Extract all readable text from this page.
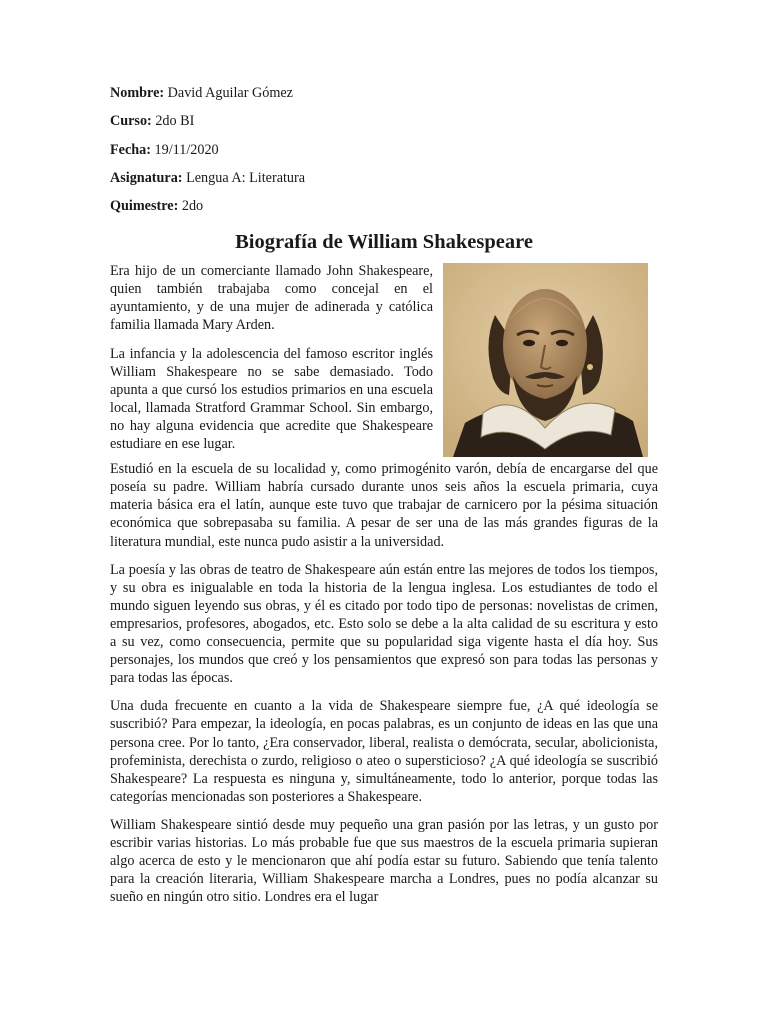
Nombre: David Aguilar Gómez
Curso: 2do BI
Fecha: 19/11/2020
Asignatura: Lengua A: Literatura
Quimestre: 2do
Biografía de William Shakespeare

Era hijo de un comerciante llamado John Shakespeare, quien también trabajaba como concejal en el ayuntamiento, y de una mujer de adinerada y católica familia llamada Mary Arden.

La infancia y la adolescencia del famoso escritor inglés William Shakespeare no se sabe demasiado. Todo apunta a que cursó los estudios primarios en una escuela local, llamada Stratford Grammar School. Sin embargo, no hay alguna evidencia que acredite que Shakespeare estudiare en ese lugar.

Estudió en la escuela de su localidad y, como primogénito varón, debía de encargarse del que poseía su padre. William habría cursado durante unos seis años la escuela primaria, cuya materia básica era el latín, aunque este tuvo que trabajar de carnicero por la pésima situación económica que sobrepasaba su familia. A pesar de ser una de las más grandes figuras de la literatura mundial, este nunca pudo asistir a la universidad.

La poesía y las obras de teatro de Shakespeare aún están entre las mejores de todos los tiempos, y su obra es inigualable en toda la historia de la lengua inglesa. Los estudiantes de todo el mundo siguen leyendo sus obras, y él es citado por todo tipo de personas: novelistas de crimen, empresarios, profesores, abogados, etc. Esto solo se debe a la alta calidad de su escritura y esto a su vez, como consecuencia, permite que su popularidad siga vigente hasta el día hoy. Sus personajes, los mundos que creó y los pensamientos que expresó son para todas las personas y para todas las épocas.

Una duda frecuente en cuanto a la vida de Shakespeare siempre fue, ¿A qué ideología se suscribió? Para empezar, la ideología, en pocas palabras, es un conjunto de ideas en las que una persona cree. Por lo tanto, ¿Era conservador, liberal, realista o demócrata, secular, abolicionista, profeminista, derechista o zurdo, religioso o ateo o supersticioso? ¿A qué ideología se suscribió Shakespeare? La respuesta es ninguna y, simultáneamente, todo lo anterior, porque todas las categorías mencionadas son posteriores a Shakespeare.

William Shakespeare sintió desde muy pequeño una gran pasión por las letras, y un gusto por escribir varias historias. Lo más probable fue que sus maestros de la escuela primaria supieran algo acerca de esto y le mencionaron que ahí podía estar su futuro. Sabiendo que tenía talento para la creación literaria, William Shakespeare marcha a Londres, pues no podía alcanzar su sueño en ningún otro sitio. Londres era el lugar
